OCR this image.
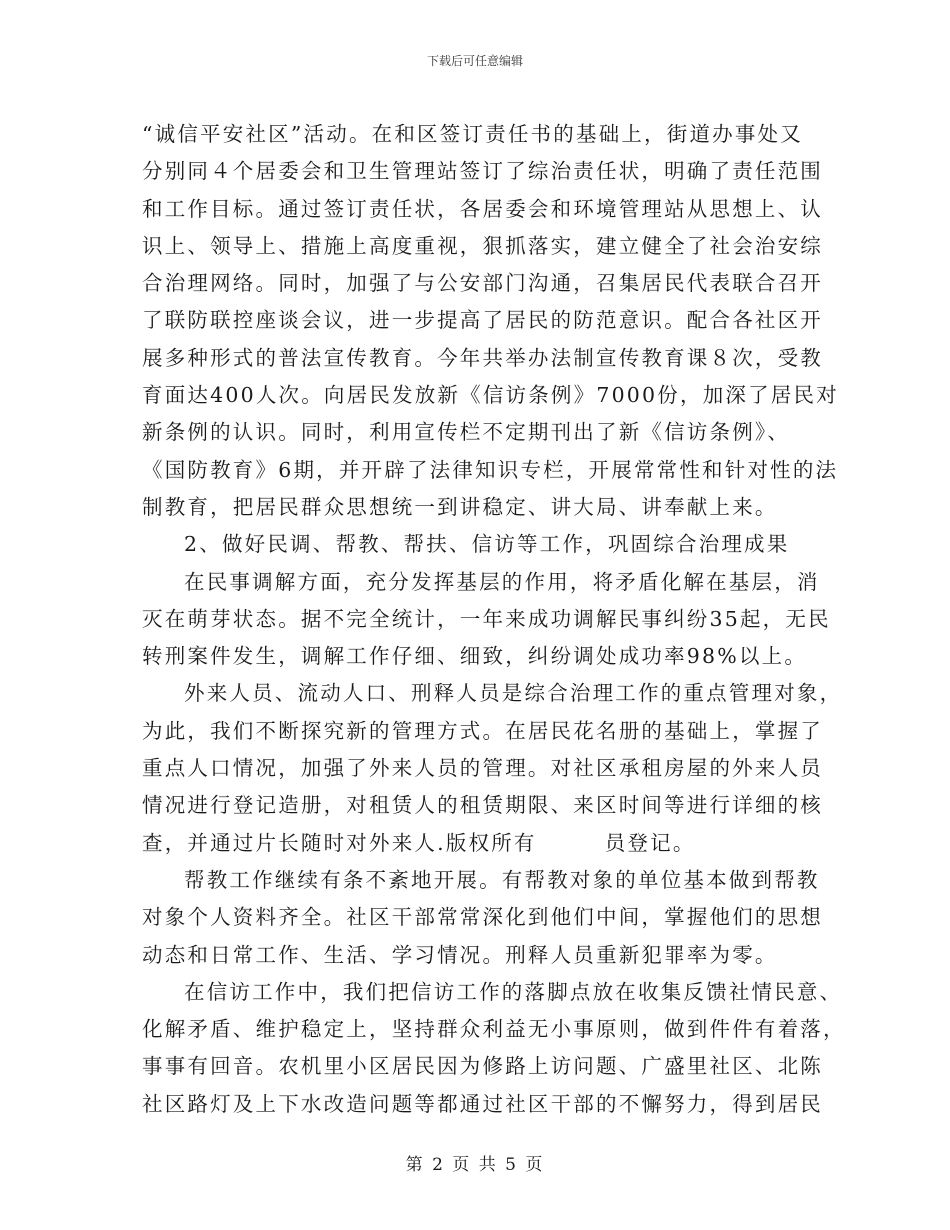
下载后可任意编辑
“诚信平安社区”活动。在和区签订责任书的基础上，街道办事处又
分别同４个居委会和卫生管理站签订了综治责任状，明确了责任范围
和工作目标。通过签订责任状，各居委会和环境管理站从思想上、认
识上、领导上、措施上高度重视，狠抓落实，建立健全了社会治安综
合治理网络。同时，加强了与公安部门沟通，召集居民代表联合召开
了联防联控座谈会议，进一步提高了居民的防范意识。配合各社区开
展多种形式的普法宣传教育。今年共举办法制宣传教育课８次，受教
育面达400人次。向居民发放新《信访条例》7000份，加深了居民对
新条例的认识。同时，利用宣传栏不定期刊出了新《信访条例》、
《国防教育》6期，并开辟了法律知识专栏，开展常常性和针对性的法
制教育，把居民群众思想统一到讲稳定、讲大局、讲奉献上来。
2、做好民调、帮教、帮扶、信访等工作，巩固综合治理成果
在民事调解方面，充分发挥基层的作用，将矛盾化解在基层，消
灭在萌芽状态。据不完全统计，一年来成功调解民事纠纷35起，无民
转刑案件发生，调解工作仔细、细致，纠纷调处成功率98%以上。
外来人员、流动人口、刑释人员是综合治理工作的重点管理对象，
为此，我们不断探究新的管理方式。在居民花名册的基础上，掌握了
重点人口情况，加强了外来人员的管理。对社区承租房屋的外来人员
情况进行登记造册，对租赁人的租赁期限、来区时间等进行详细的核
查，并通过片长随时对外来人.版权所有　　　员登记。
帮教工作继续有条不紊地开展。有帮教对象的单位基本做到帮教
对象个人资料齐全。社区干部常常深化到他们中间，掌握他们的思想
动态和日常工作、生活、学习情况。刑释人员重新犯罪率为零。
在信访工作中，我们把信访工作的落脚点放在收集反馈社情民意、
化解矛盾、维护稳定上，坚持群众利益无小事原则，做到件件有着落，
事事有回音。农机里小区居民因为修路上访问题、广盛里社区、北陈
社区路灯及上下水改造问题等都通过社区干部的不懈努力，得到居民
第 2 页 共 5 页
